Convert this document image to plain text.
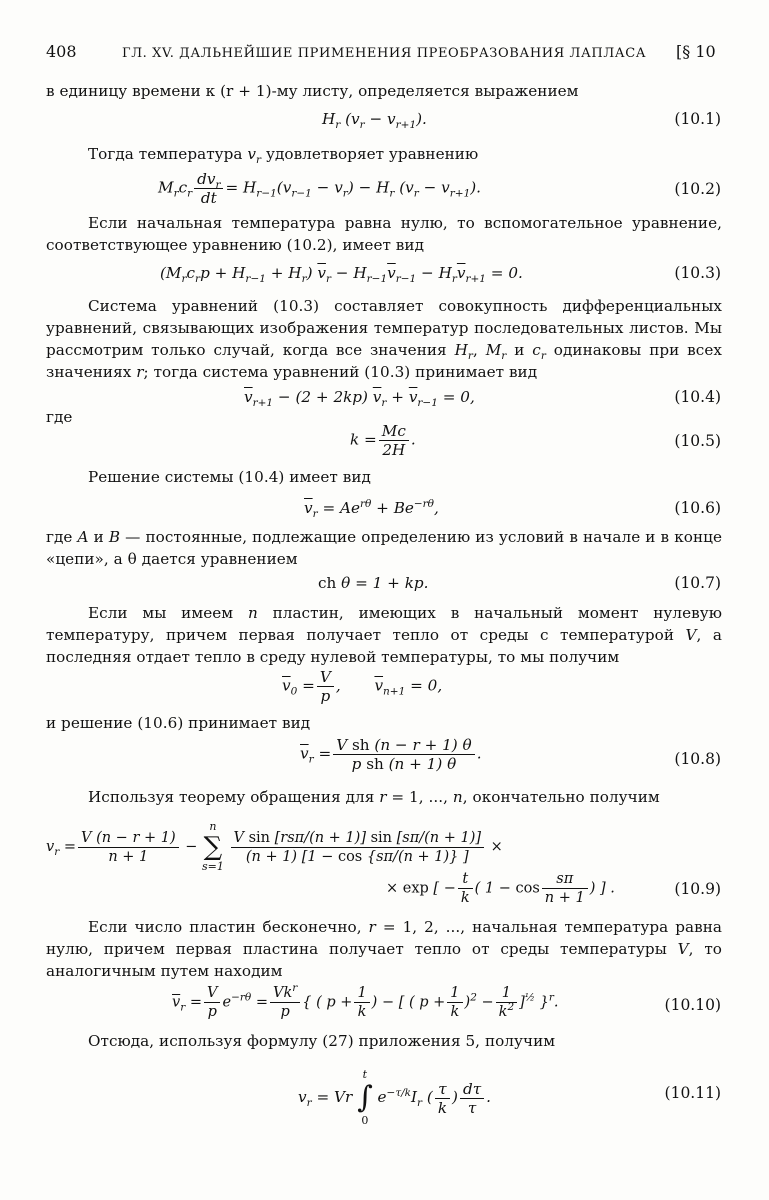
408	ГЛ. XV. ДАЛЬНЕЙШИЕ ПРИМЕНЕНИЯ ПРЕОБРАЗОВАНИЯ ЛАПЛАСА [§ 10
в единицу времени к (r + 1)-му листу, определяется выражением
$H_r$ $(v_r - v_{r+1})$.	(10.1)
Тогда температура $v_r$ удовлетворяет уравнению
$M_rc_r \frac{dv_r}{dt} = H_{r-1}(v_{r-1} - v_r) - H_r$ $(v_r - v_{r+1})$.	(10.2)
Если начальная температура равна нулю, то вспомогательное уравнение, соответствующее уравнению (10.2), имеет вид
$(M_rc_rp + H_{r-1} + H_r) \overline{v}_r - H_{r-1}\overline{v}_{r-1} - H_r\overline{v}_{r+1} = 0$.	(10.3)
Система уравнений (10.3) составляет совокупность дифференциальных уравнений, связывающих изображения температур последовательных листов. Мы рассмотрим только случай, когда все значения $H_r$, $M_r$ и $c_r$ одинаковы при всех значениях r; тогда система уравнений (10.3) принимает вид
$\overline{v}_{r+1} - (2 + 2kp) \overline{v}_r + \overline{v}_{r-1} = 0$,	(10.4)
где
$k = \frac{Mc}{2H}$ .	(10.5)
Решение системы (10.4) имеет вид
$\overline{v}_r = Ae^{r\theta} + Be^{-r\theta}$,	(10.6)
где A и B — постоянные, подлежащие определению из условий в начале и в конце «цепи», а θ дается уравнением
ch θ = 1 + kp.	(10.7)
Если мы имеем n пластин, имеющих в начальный момент нулевую температуру, причем первая получает тепло от среды с температурой V, а последняя отдает тепло в среду нулевой температуры, то мы получим
$\overline{v}_0 = \frac{V}{p}$ ,       $\overline{v}_{n+1} = 0$,
и решение (10.6) принимает вид
$\overline{v}_r = \frac{\text{V sh (n − r + 1) θ}}{\text{p sh (n + 1) θ}}$ .	(10.8)
Используя теорему обращения для r = 1, ..., n, окончательно получим
$v_r = \frac{V (n - r + 1)}{n + 1}$ −
n
∑
s=1

$\frac{\text{V sin [rsπ/(n + 1)] sin [sπ/(n + 1)]}}{(n + 1) [1 - \cos \{s\pi/(n + 1)\} ]}$ ×
× exp [ − $\frac{t}{k}$ ( $1 - \cos \frac{s\pi}{n + 1}$ ) ] .	(10.9)
Если число пластин бесконечно, r = 1, 2, ..., начальная температура равна нулю, причем первая пластина получает тепло от среды температуры V, то аналогичным путем находим
$\overline{v}_r = \frac{V}{p} e^{-r\theta} = \frac{Vk^r}{p}$ { ( $p + \frac{1}{k}$ ) − [ ( $p + \frac{1}{k} )^2 - \frac{1}{k^2} ]^{\frac{1}{2}}$ }$^r$.	(10.10)
Отсюда, используя формулу (27) приложения 5, получим
$v_r = Vr$
t
∫
0
$e^{-\tau/k}I_r$ ( $\frac{\tau}{k}$ ) $\frac{d\tau}{\tau}$ .	(10.11)
